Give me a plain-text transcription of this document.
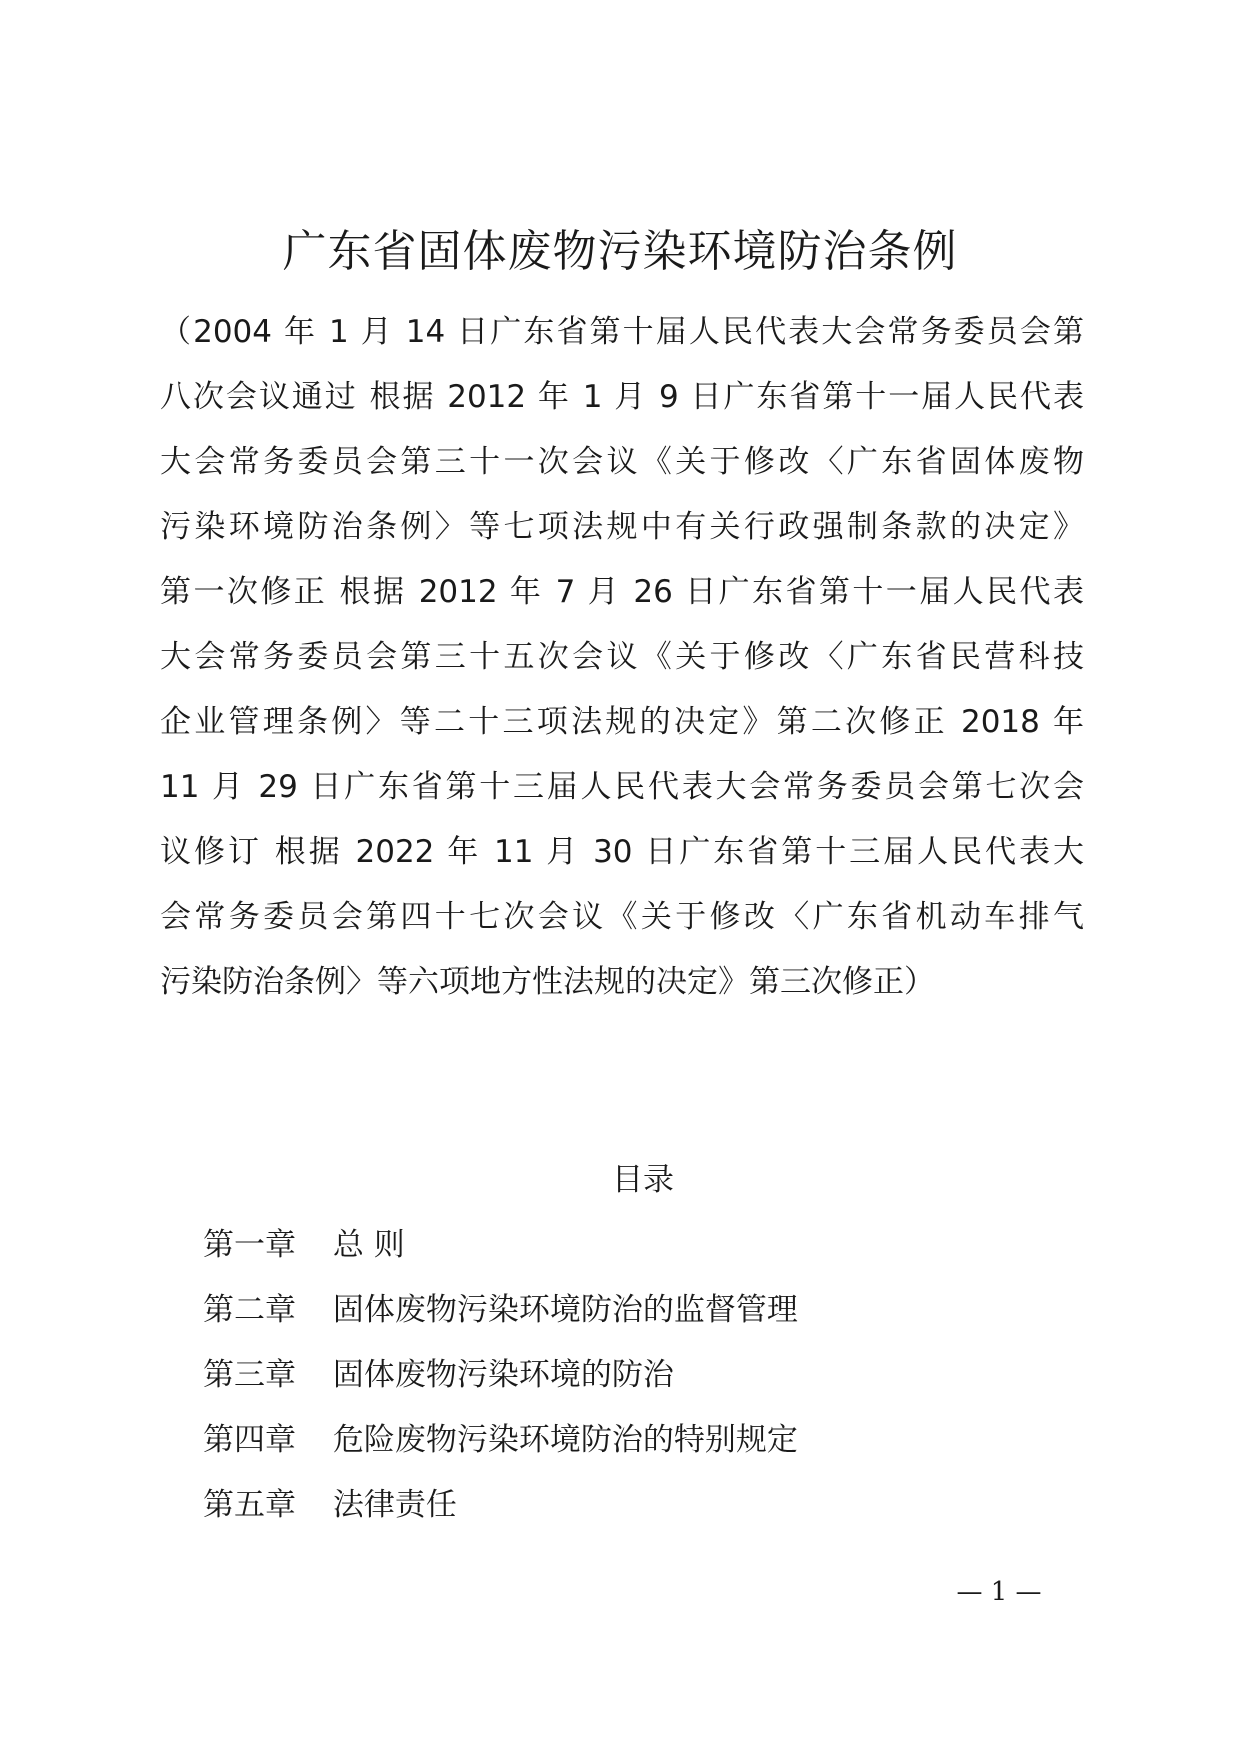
广东省固体废物污染环境防治条例
（2004 年 1 月 14 日广东省第十届人民代表大会常务委员会第
八次会议通过 根据 2012 年 1 月 9 日广东省第十一届人民代表
大会常务委员会第三十一次会议《关于修改〈广东省固体废物
污染环境防治条例〉等七项法规中有关行政强制条款的决定》
第一次修正 根据 2012 年 7 月 26 日广东省第十一届人民代表
大会常务委员会第三十五次会议《关于修改〈广东省民营科技
企业管理条例〉等二十三项法规的决定》第二次修正 2018 年
11 月 29 日广东省第十三届人民代表大会常务委员会第七次会
议修订 根据 2022 年 11 月 30 日广东省第十三届人民代表大
会常务委员会第四十七次会议《关于修改〈广东省机动车排气
污染防治条例〉等六项地方性法规的决定》第三次修正）
目录
第一章 总 则
第二章 固体废物污染环境防治的监督管理
第三章 固体废物污染环境的防治
第四章 危险废物污染环境防治的特别规定
第五章 法律责任
— 1 —
